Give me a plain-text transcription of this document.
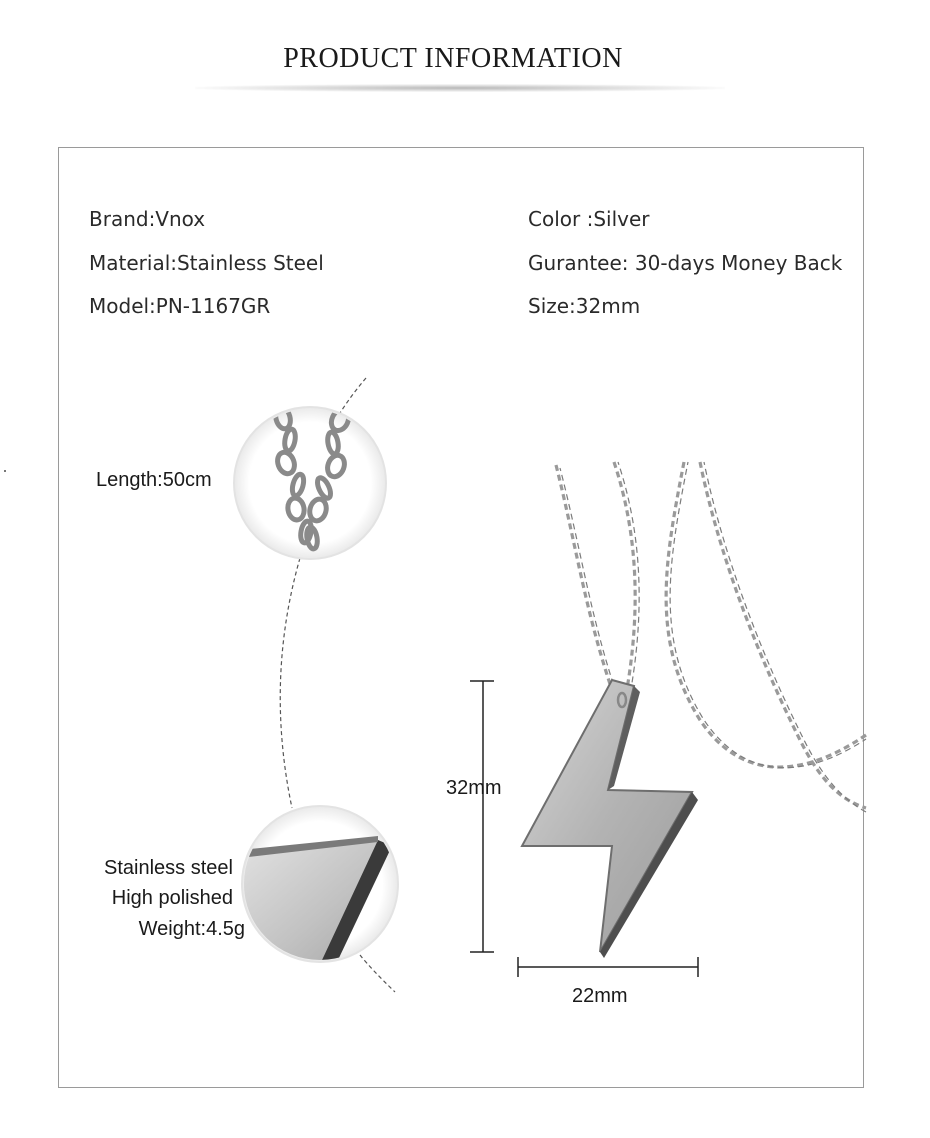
PRODUCT INFORMATION
Brand:Vnox
Material:Stainless Steel
Model:PN-1167GR
Color :Silver
Gurantee: 30-days Money Back
Size:32mm
Length:50cm
Stainless steel
High polished
Weight:4.5g
32mm
22mm
